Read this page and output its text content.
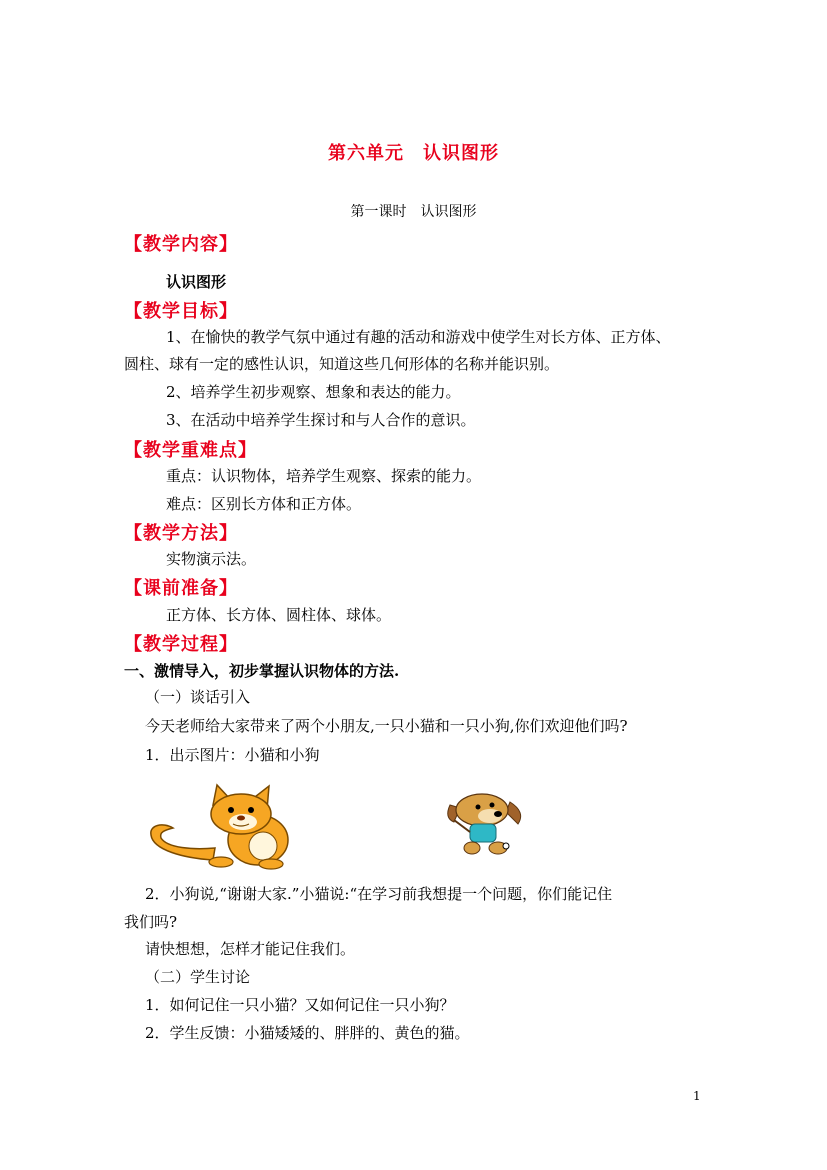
第六单元　认识图形
第一课时　认识图形
【教学内容】
认识图形
【教学目标】
1、在愉快的教学气氛中通过有趣的活动和游戏中使学生对长方体、正方体、
圆柱、球有一定的感性认识，知道这些几何形体的名称并能识别。
2、培养学生初步观察、想象和表达的能力。
3、在活动中培养学生探讨和与人合作的意识。
【教学重难点】
重点：认识物体，培养学生观察、探索的能力。
难点：区别长方体和正方体。
【教学方法】
实物演示法。
【课前准备】
正方体、长方体、圆柱体、球体。
【教学过程】
一、激情导入，初步掌握认识物体的方法.
（一）谈话引入
今天老师给大家带来了两个小朋友,一只小猫和一只小狗,你们欢迎他们吗?
1．出示图片：小猫和小狗
2．小狗说,“谢谢大家.”小猫说:“在学习前我想提一个问题，你们能记住
我们吗?
请快想想，怎样才能记住我们。
（二）学生讨论
1．如何记住一只小猫？又如何记住一只小狗？
2．学生反馈：小猫矮矮的、胖胖的、黄色的猫。
1
